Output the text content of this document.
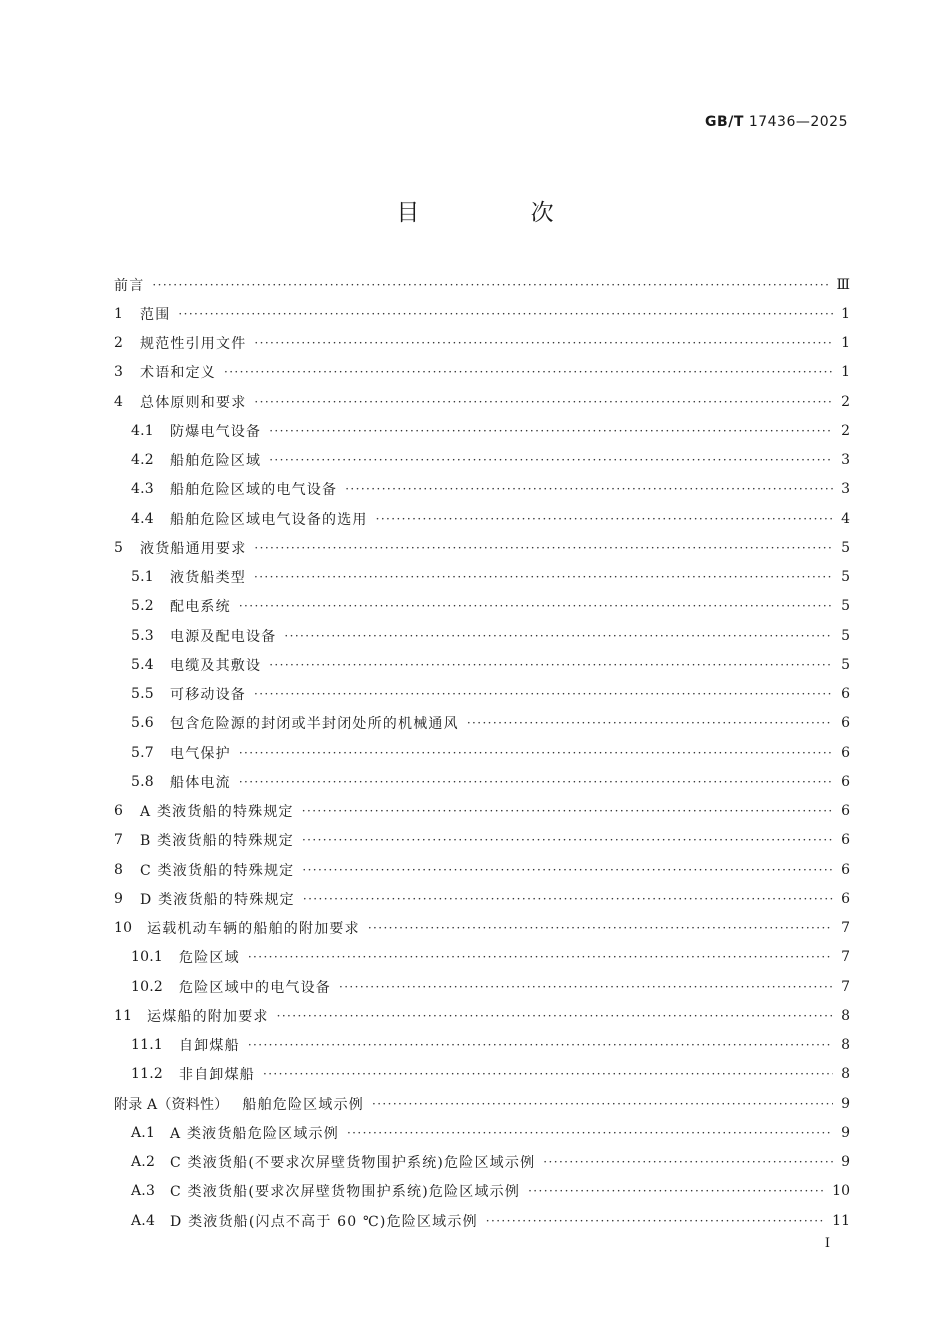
GB/T 17436—2025
目 次
前言 ·····	Ⅲ
1	范围 ·····	1
2	规范性引用文件 ·····	1
3	术语和定义 ·····	1
4	总体原则和要求 ·····	2
4.1	防爆电气设备 ·····	2
4.2	船舶危险区域 ·····	3
4.3	船舶危险区域的电气设备 ·····	3
4.4	船舶危险区域电气设备的选用 ·····	4
5	液货船通用要求 ·····	5
5.1	液货船类型 ·····	5
5.2	配电系统 ·····	5
5.3	电源及配电设备 ·····	5
5.4	电缆及其敷设 ·····	5
5.5	可移动设备 ·····	6
5.6	包含危险源的封闭或半封闭处所的机械通风 ·····	6
5.7	电气保护 ·····	6
5.8	船体电流 ·····	6
6	A 类液货船的特殊规定 ·····	6
7	B 类液货船的特殊规定 ·····	6
8	C 类液货船的特殊规定 ·····	6
9	D 类液货船的特殊规定 ·····	6
10	运载机动车辆的船舶的附加要求 ·····	7
10.1	危险区域 ·····	7
10.2	危险区域中的电气设备 ·····	7
11	运煤船的附加要求 ·····	8
11.1	自卸煤船 ·····	8
11.2	非自卸煤船 ·····	8
附录 A（资料性） 船舶危险区域示例 ·····	9
A.1	A 类液货船危险区域示例 ·····	9
A.2	C 类液货船(不要求次屏壁货物围护系统)危险区域示例 ·····	9
A.3	C 类液货船(要求次屏壁货物围护系统)危险区域示例 ·····	10
A.4	D 类液货船(闪点不高于 60 ℃)危险区域示例 ·····	11
Ⅰ
